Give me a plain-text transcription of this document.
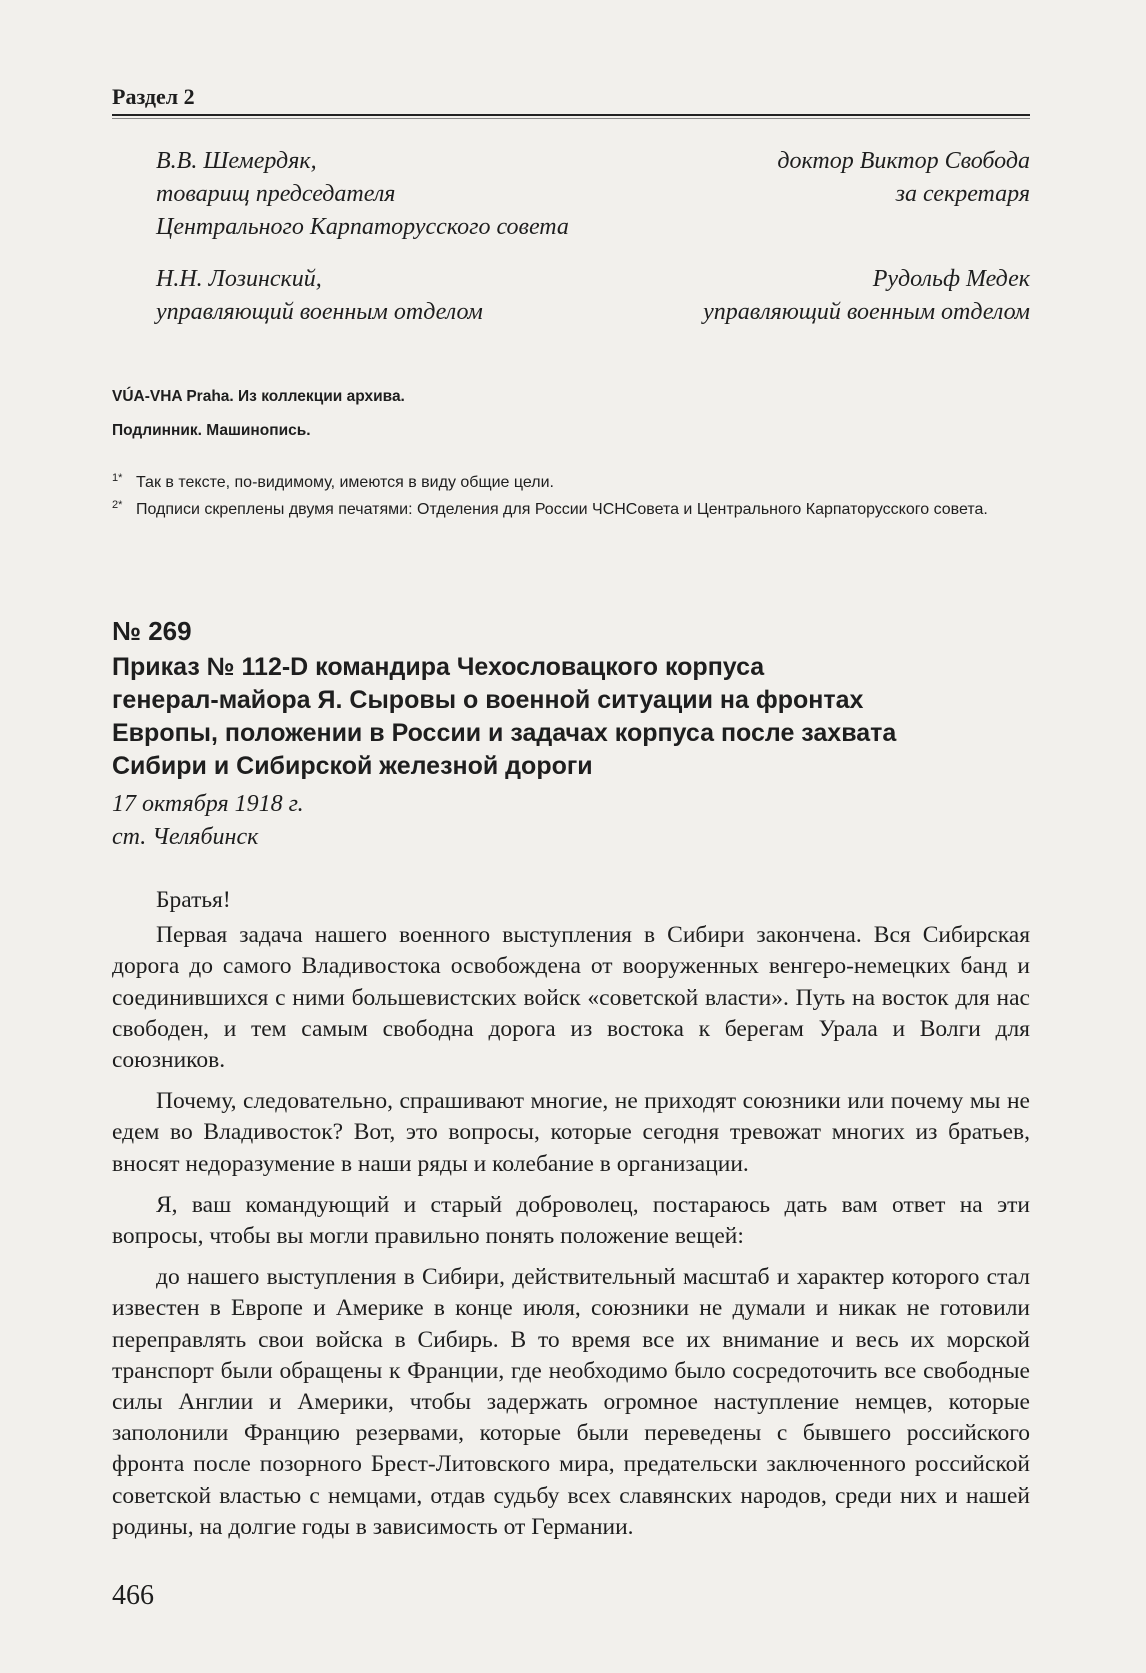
Раздел 2
В.В. Шемердяк,
товарищ председателя
Центрального Карпаторусского совета
доктор Виктор Свобода
за секретаря
Н.Н. Лозинский,
управляющий военным отделом
Рудольф Медек
управляющий военным отделом
VÚA-VHA Praha. Из коллекции архива.
Подлинник. Машинопись.
1* Так в тексте, по-видимому, имеются в виду общие цели.
2* Подписи скреплены двумя печатями: Отделения для России ЧСНСовета и Центрального Карпаторусского совета.
№ 269
Приказ № 112-D командира Чехословацкого корпуса
генерал-майора Я. Сыровы о военной ситуации на фронтах
Европы, положении в России и задачах корпуса после захвата
Сибири и Сибирской железной дороги
17 октября 1918 г.
ст. Челябинск

Братья!

Первая задача нашего военного выступления в Сибири закончена. Вся Сибирская дорога до самого Владивостока освобождена от вооруженных венгеро-немецких банд и соединившихся с ними большевистских войск «советской власти». Путь на восток для нас свободен, и тем самым свободна дорога из востока к берегам Урала и Волги для союзников.

Почему, следовательно, спрашивают многие, не приходят союзники или почему мы не едем во Владивосток? Вот, это вопросы, которые сегодня тревожат многих из братьев, вносят недоразумение в наши ряды и колебание в организации.

Я, ваш командующий и старый доброволец, постараюсь дать вам ответ на эти вопросы, чтобы вы могли правильно понять положение вещей:

до нашего выступления в Сибири, действительный масштаб и характер которого стал известен в Европе и Америке в конце июля, союзники не думали и никак не готовили переправлять свои войска в Сибирь. В то время все их внимание и весь их морской транспорт были обращены к Франции, где необходимо было сосредоточить все свободные силы Англии и Америки, чтобы задержать огромное наступление немцев, которые заполонили Францию резервами, которые были переведены с бывшего российского фронта после позорного Брест-Литовского мира, предательски заключенного российской советской властью с немцами, отдав судьбу всех славянских народов, среди них и нашей родины, на долгие годы в зависимость от Германии.

466
